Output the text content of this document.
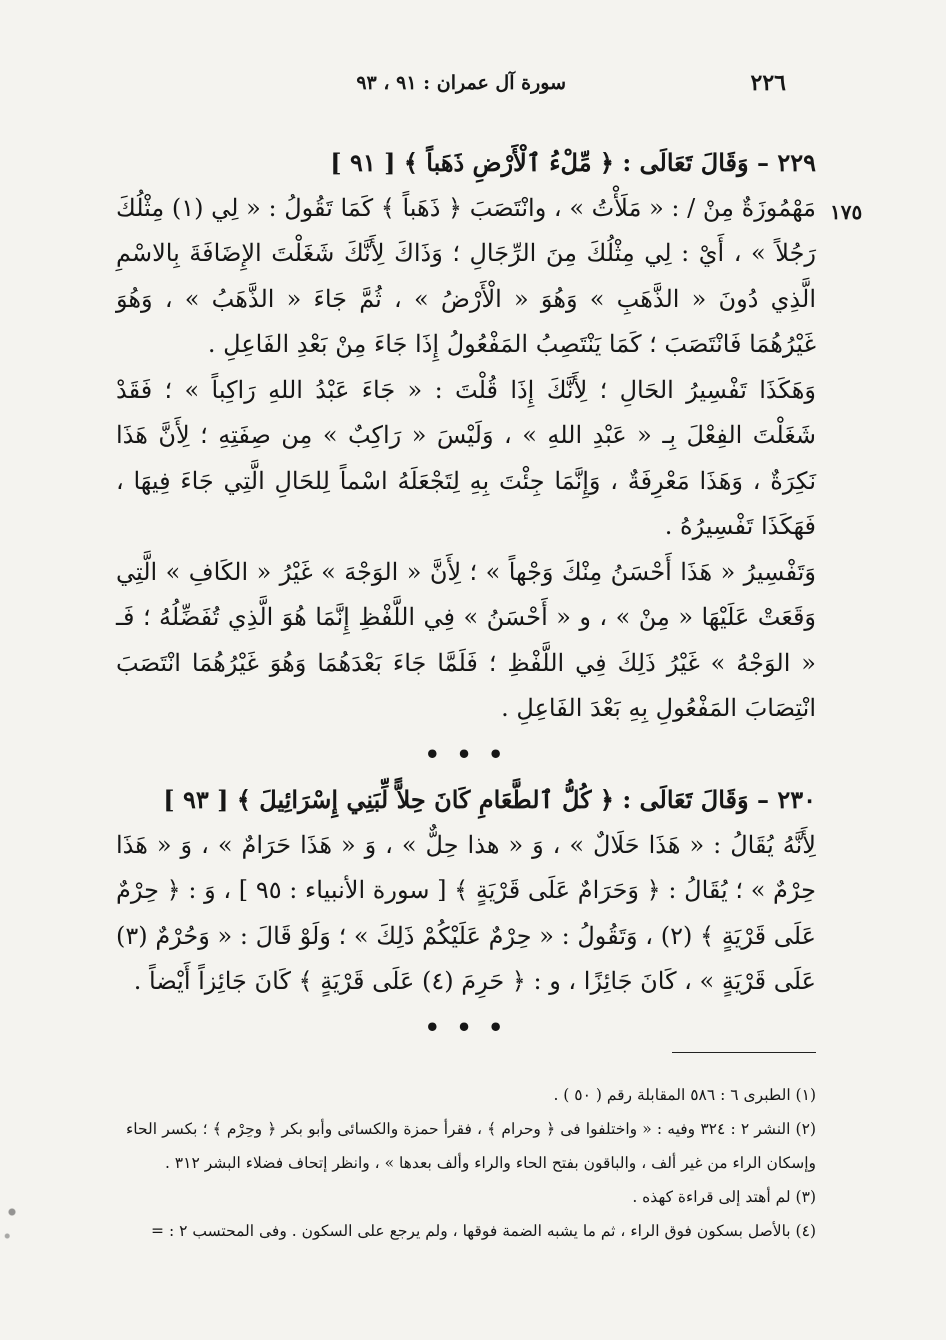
٢٢٦
سورة آل عمران : ٩١ ، ٩٣
١٧٥

٢٢٩ – وَقَالَ تَعَالَى : ﴿ مِّلْءُ ٱلْأَرْضِ ذَهَباً ﴾ [ ٩١ ]

مَهْمُوزَةٌ مِنْ / : « مَلَأْتُ » ، وانْتَصَبَ ﴿ ذَهَباً ﴾ كَمَا تَقُولُ : « لِي (١) مِثْلُكَ رَجُلاً » ، أَيْ : لِي مِثْلُكَ مِنَ الرِّجَالِ ؛ وَذَاكَ لِأَنَّكَ شَغَلْتَ الإِضَافَةَ بِالاسْمِ الَّذِي دُونَ « الذَّهَبِ » وَهُوَ « الْأَرْضُ » ، ثُمَّ جَاءَ « الذَّهَبُ » ، وَهُوَ غَيْرُهُمَا فَانْتَصَبَ ؛ كَمَا يَنْتَصِبُ المَفْعُولُ إِذَا جَاءَ مِنْ بَعْدِ الفَاعِلِ .

وَهَكَذَا تَفْسِيرُ الحَالِ ؛ لِأَنَّكَ إِذَا قُلْتَ : « جَاءَ عَبْدُ اللهِ رَاكِباً » ؛ فَقَدْ شَغَلْتَ الفِعْلَ بِـ « عَبْدِ اللهِ » ، وَلَيْسَ « رَاكِبٌ » مِن صِفَتِهِ ؛ لِأَنَّ هَذَا نَكِرَةٌ ، وَهَذَا مَعْرِفَةٌ ، وَإِنَّمَا جِئْتَ بِهِ لِتَجْعَلَهُ اسْماً لِلحَالِ الَّتِي جَاءَ فِيهَا ، فَهَكَذَا تَفْسِيرُهُ .

وَتَفْسِيرُ « هَذَا أَحْسَنُ مِنْكَ وَجْهاً » ؛ لِأَنَّ « الوَجْهَ » غَيْرُ « الكَافِ » الَّتِي وَقَعَتْ عَلَيْهَا « مِنْ » ، و « أَحْسَنُ » فِي اللَّفْظِ إِنَّمَا هُوَ الَّذِي تُفَضِّلُهُ ؛ فَـ « الوَجْهُ » غَيْرُ ذَلِكَ فِي اللَّفْظِ ؛ فَلَمَّا جَاءَ بَعْدَهُمَا وَهُوَ غَيْرُهُمَا انْتَصَبَ انْتِصَابَ المَفْعُولِ بِهِ بَعْدَ الفَاعِلِ .

• • •

٢٣٠ – وَقَالَ تَعَالَى : ﴿ كُلُّ ٱلطَّعَامِ كَانَ حِلاًّ لِّبَنِي إِسْرَائِيلَ ﴾ [ ٩٣ ]

لِأَنَّهُ يُقَالُ : « هَذَا حَلَالٌ » ، وَ « هذا حِلٌّ » ، وَ « هَذَا حَرَامٌ » ، وَ « هَذَا حِرْمٌ » ؛ يُقَالُ : ﴿ وَحَرَامٌ عَلَى قَرْيَةٍ ﴾ [ سورة الأنبياء : ٩٥ ] ، وَ : ﴿ حِرْمٌ عَلَى قَرْيَةٍ ﴾ (٢) ، وَتَقُولُ : « حِرْمٌ عَلَيْكُمْ ذَلِكَ » ؛ وَلَوْ قَالَ : « وَحُرْمٌ (٣) عَلَى قَرْيَةٍ » ، كَانَ جَائِزًا ، و : ﴿ حَرِمَ (٤) عَلَى قَرْيَةٍ ﴾ كَانَ جَائِزاً أَيْضاً .

• • •

(١) الطبرى ٦ : ٥٨٦ المقابلة رقم ( ٥٠ ) .

(٢) النشر ٢ : ٣٢٤ وفيه : « واختلفوا فى ﴿ وحرام ﴾ ، فقرأ حمزة والكسائى وأبو بكر ﴿ وحِرْم ﴾ ؛ بكسر الحاء وإسكان الراء من غير ألف ، والباقون بفتح الحاء والراء وألف بعدها » ، وانظر إتحاف فضلاء البشر ٣١٢ .

(٣) لم أهتد إلى قراءة كهذه .

(٤) بالأصل بسكون فوق الراء ، ثم ما يشبه الضمة فوقها ، ولم يرجع على السكون . وفى المحتسب ٢ : =
